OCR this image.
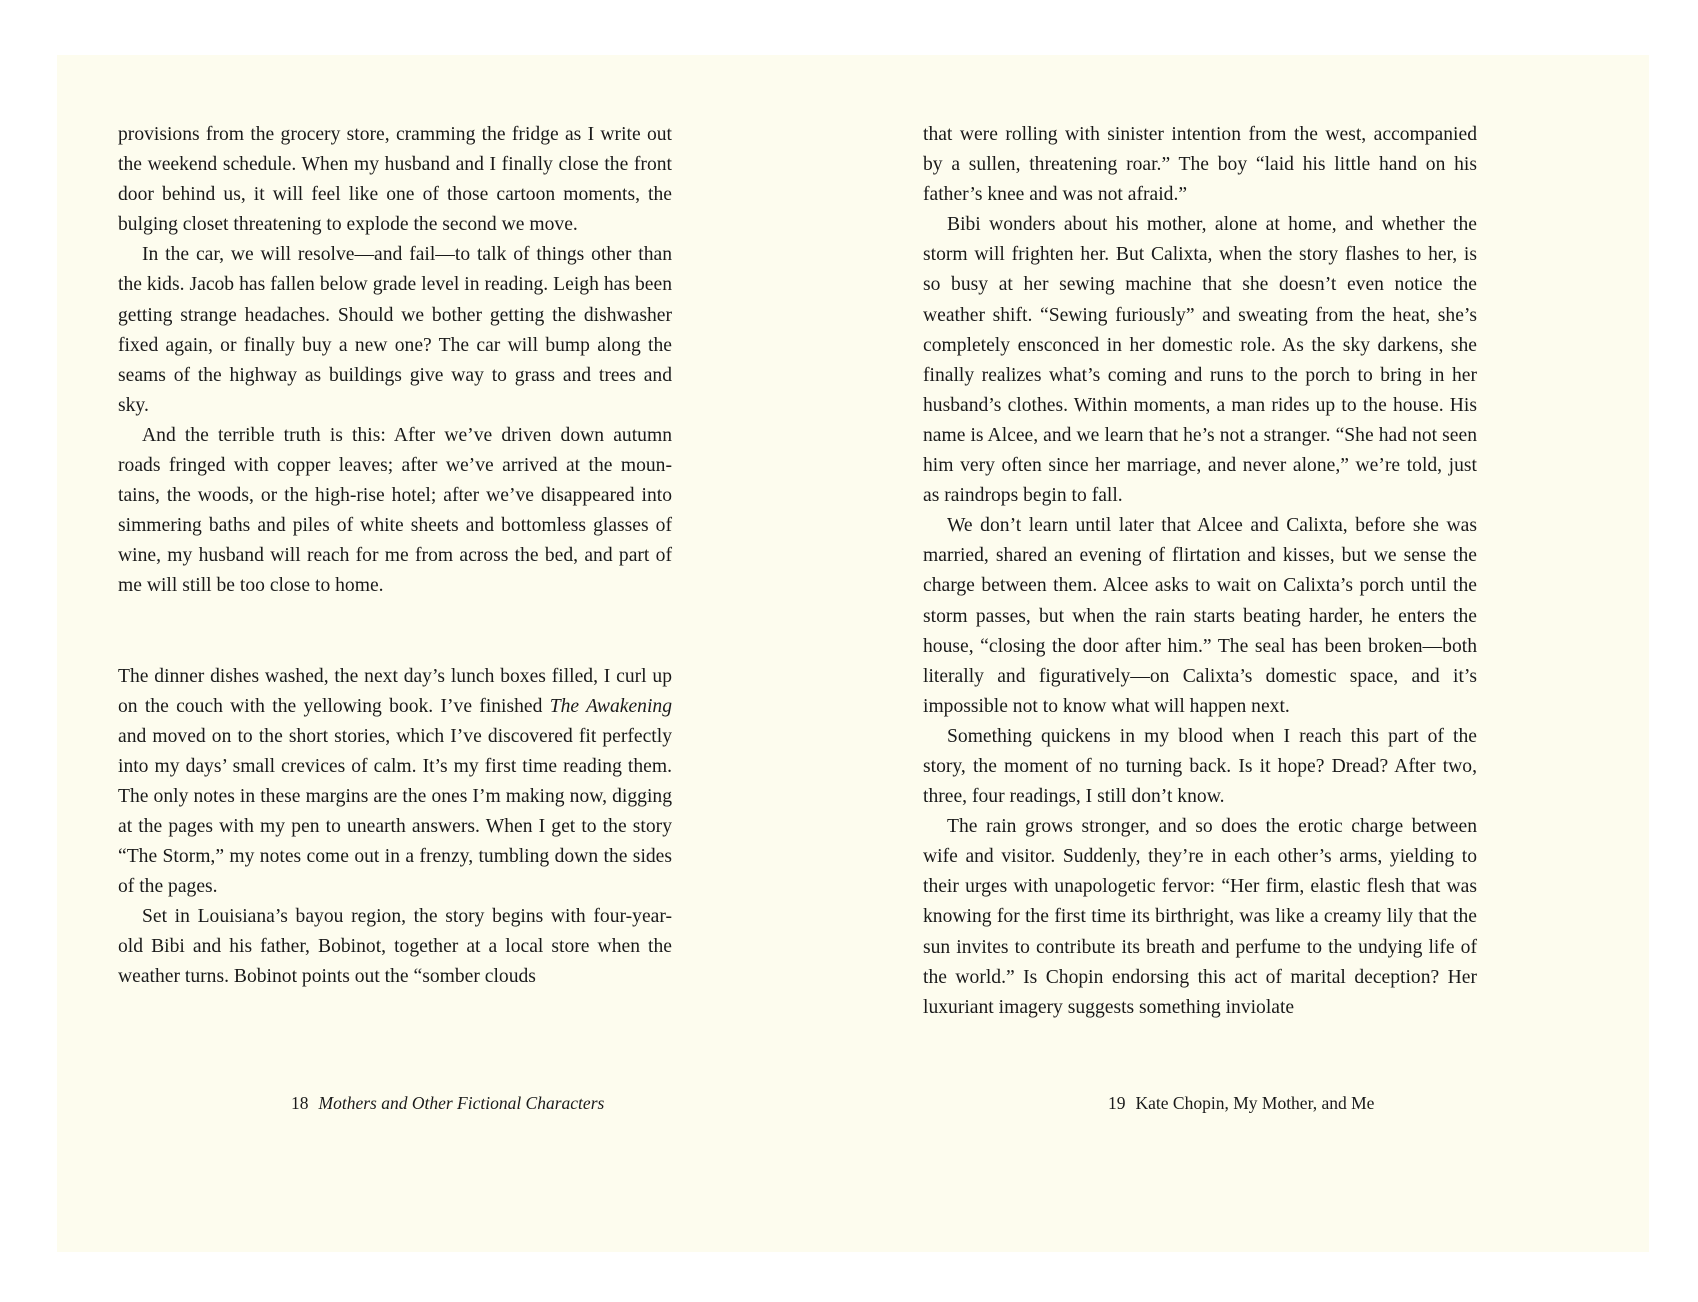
provisions from the grocery store, cramming the fridge as I write out the weekend schedule. When my husband and I finally close the front door behind us, it will feel like one of those cartoon moments, the bulging closet threatening to explode the second we move.

In the car, we will resolve—and fail—to talk of things other than the kids. Jacob has fallen below grade level in reading. Leigh has been getting strange headaches. Should we bother getting the dishwasher fixed again, or finally buy a new one? The car will bump along the seams of the highway as buildings give way to grass and trees and sky.

And the terrible truth is this: After we’ve driven down autumn roads fringed with copper leaves; after we’ve arrived at the mountains, the woods, or the high-rise hotel; after we’ve disappeared into simmering baths and piles of white sheets and bottomless glasses of wine, my husband will reach for me from across the bed, and part of me will still be too close to home.

The dinner dishes washed, the next day’s lunch boxes filled, I curl up on the couch with the yellowing book. I’ve finished The Awakening and moved on to the short stories, which I’ve discovered fit perfectly into my days’ small crevices of calm. It’s my first time reading them. The only notes in these margins are the ones I’m making now, digging at the pages with my pen to unearth answers. When I get to the story “The Storm,” my notes come out in a frenzy, tumbling down the sides of the pages.

Set in Louisiana’s bayou region, the story begins with four-year-old Bibi and his father, Bobinot, together at a local store when the weather turns. Bobinot points out the “somber clouds

that were rolling with sinister intention from the west, accompanied by a sullen, threatening roar.” The boy “laid his little hand on his father’s knee and was not afraid.”

Bibi wonders about his mother, alone at home, and whether the storm will frighten her. But Calixta, when the story flashes to her, is so busy at her sewing machine that she doesn’t even notice the weather shift. “Sewing furiously” and sweating from the heat, she’s completely ensconced in her domestic role. As the sky darkens, she finally realizes what’s coming and runs to the porch to bring in her husband’s clothes. Within moments, a man rides up to the house. His name is Alcee, and we learn that he’s not a stranger. “She had not seen him very often since her marriage, and never alone,” we’re told, just as raindrops begin to fall.

We don’t learn until later that Alcee and Calixta, before she was married, shared an evening of flirtation and kisses, but we sense the charge between them. Alcee asks to wait on Calixta’s porch until the storm passes, but when the rain starts beating harder, he enters the house, “closing the door after him.” The seal has been broken—both literally and figuratively—on Calixta’s domestic space, and it’s impossible not to know what will happen next.

Something quickens in my blood when I reach this part of the story, the moment of no turning back. Is it hope? Dread? After two, three, four readings, I still don’t know.

The rain grows stronger, and so does the erotic charge between wife and visitor. Suddenly, they’re in each other’s arms, yielding to their urges with unapologetic fervor: “Her firm, elastic flesh that was knowing for the first time its birthright, was like a creamy lily that the sun invites to contribute its breath and perfume to the undying life of the world.” Is Chopin endorsing this act of marital deception? Her luxuriant imagery suggests something inviolate

18 Mothers and Other Fictional Characters	19 Kate Chopin, My Mother, and Me
